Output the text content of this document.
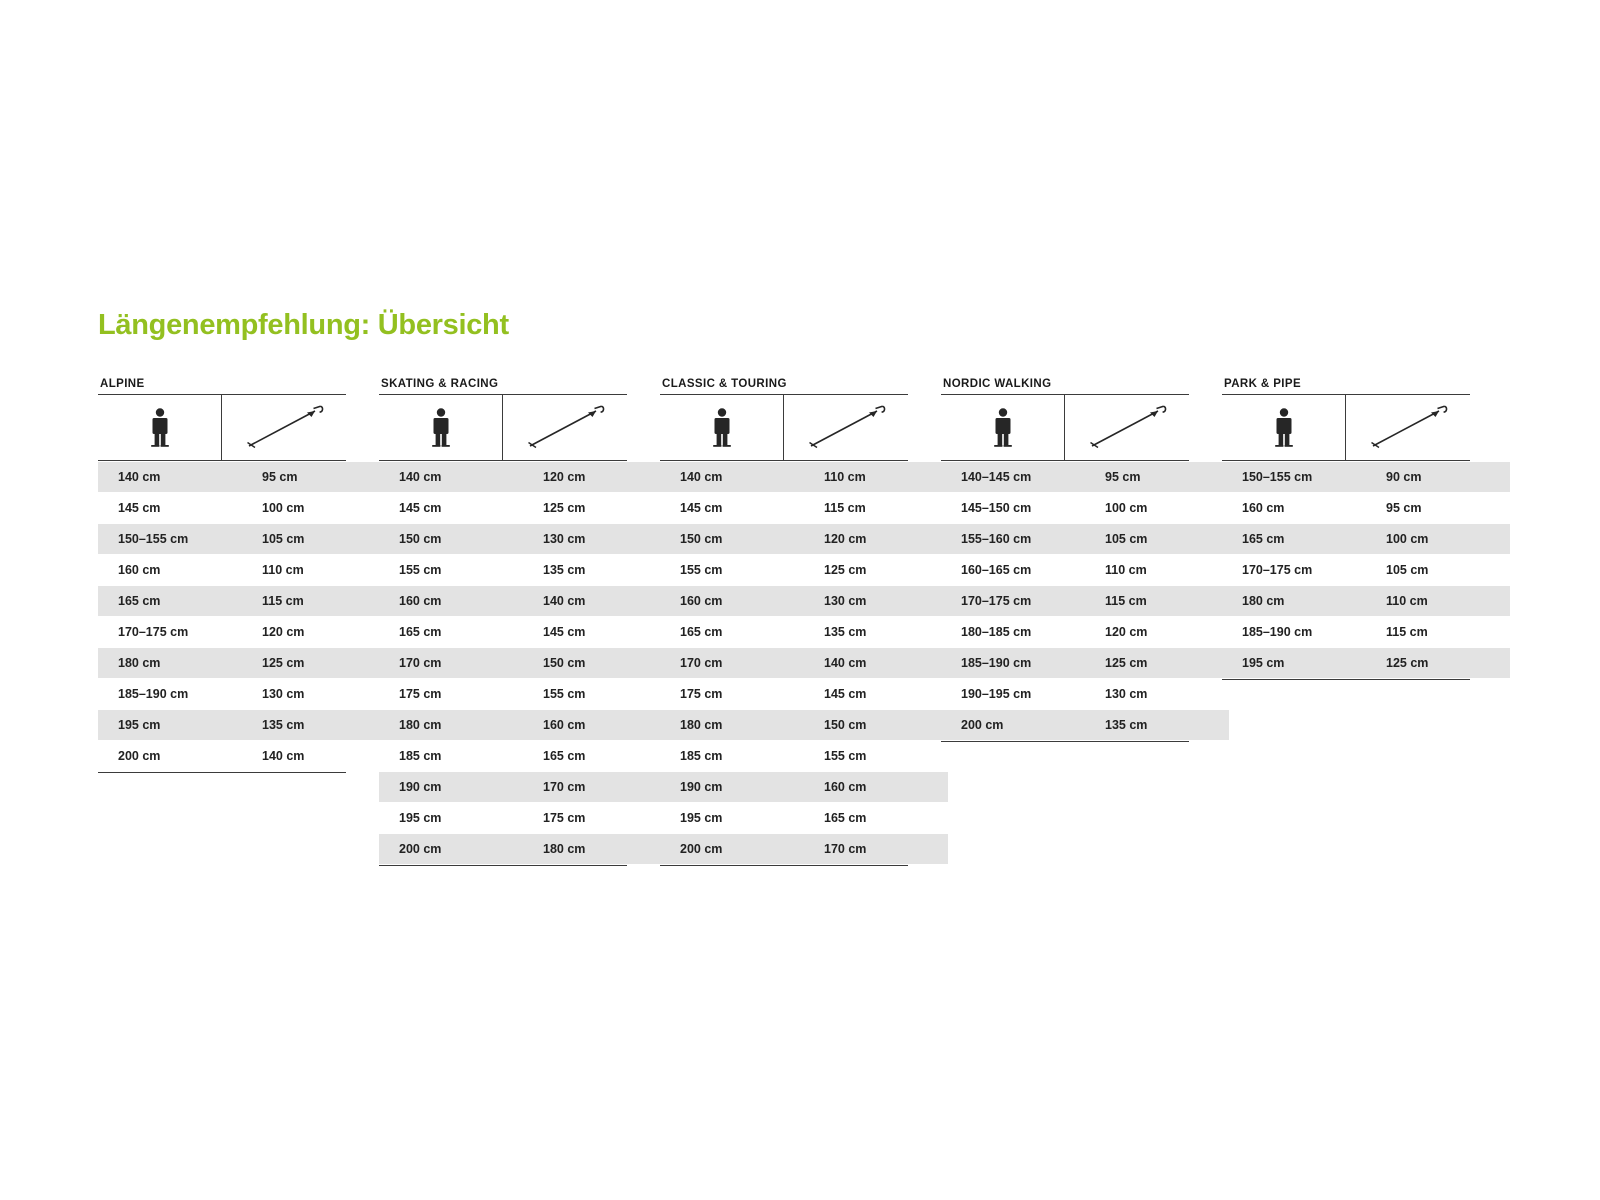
Längenempfehlung: Übersicht
ALPINE
140 cm	95 cm
145 cm	100 cm
150–155 cm	105 cm
160 cm	110 cm
165 cm	115 cm
170–175 cm	120 cm
180 cm	125 cm
185–190 cm	130 cm
195 cm	135 cm
200 cm	140 cm
SKATING & RACING
140 cm	120 cm
145 cm	125 cm
150 cm	130 cm
155 cm	135 cm
160 cm	140 cm
165 cm	145 cm
170 cm	150 cm
175 cm	155 cm
180 cm	160 cm
185 cm	165 cm
190 cm	170 cm
195 cm	175 cm
200 cm	180 cm
CLASSIC & TOURING
140 cm	110 cm
145 cm	115 cm
150 cm	120 cm
155 cm	125 cm
160 cm	130 cm
165 cm	135 cm
170 cm	140 cm
175 cm	145 cm
180 cm	150 cm
185 cm	155 cm
190 cm	160 cm
195 cm	165 cm
200 cm	170 cm
NORDIC WALKING
140–145 cm	95 cm
145–150 cm	100 cm
155–160 cm	105 cm
160–165 cm	110 cm
170–175 cm	115 cm
180–185 cm	120 cm
185–190 cm	125 cm
190–195 cm	130 cm
200 cm	135 cm
PARK & PIPE
150–155 cm	90 cm
160 cm	95 cm
165 cm	100 cm
170–175 cm	105 cm
180 cm	110 cm
185–190 cm	115 cm
195 cm	125 cm
